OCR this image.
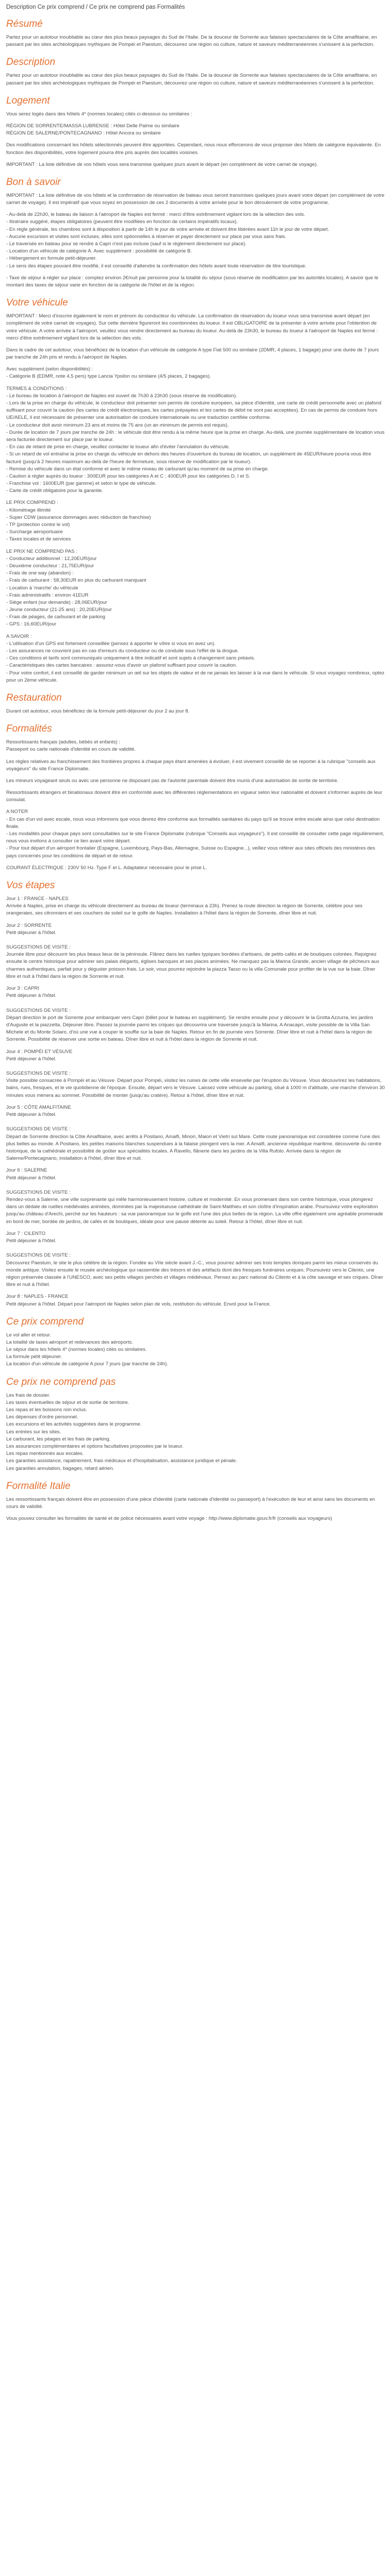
Description Ce prix comprend / Ce prix ne comprend pas Formalités
Résumé

Partez pour un autotour inoubliable au cœur des plus beaux paysages du Sud de l'Italie. De la douceur de Sorrente aux falaises spectaculaires de la Côte amalfitaine, en passant par les sites archéologiques mythiques de Pompéi et Paestum, découvrez une région où culture, nature et saveurs méditerranéennes s'unissent à la perfection.

Description

Partez pour un autotour inoubliable au cœur des plus beaux paysages du Sud de l'Italie. De la douceur de Sorrente aux falaises spectaculaires de la Côte amalfitaine, en passant par les sites archéologiques mythiques de Pompéi et Paestum, découvrez une région où culture, nature et saveurs méditerranéennes s'unissent à la perfection.

Logement

Vous serez logés dans des hôtels 4* (normes locales) cités ci-dessous ou similaires :

RÉGION DE SORRENTE/MASSA LUBRENSE : Hôtel Delle Palme ou similaire
RÉGION DE SALERNE/PONTECAGNANO : Hôtel Ancora ou similaire

Des modifications concernant les hôtels sélectionnés peuvent être apportées. Cependant, nous nous efforcerons de vous proposer des hôtels de catégorie équivalente. En fonction des disponibilités, votre logement pourra être pris auprès des localités voisines.

IMPORTANT : La liste définitive de vos hôtels vous sera transmise quelques jours avant le départ (en complément de votre carnet de voyage).

Bon à savoir

IMPORTANT : La liste définitive de vos hôtels et la confirmation de réservation de bateau vous seront transmises quelques jours avant votre départ (en complément de votre carnet de voyage). Il est impératif que vous soyez en possession de ces 2 documents à votre arrivée pour le bon déroulement de votre programme.

- Au-delà de 22h30, le bateau de liaison à l'aéroport de Naples est fermé : merci d'être extrêmement vigilant lors de la sélection des vols.
- Itinéraire suggéré, étapes obligatoires (peuvent être modifiées en fonction de certains impératifs locaux).
- En règle générale, les chambres sont à disposition à partir de 14h le jour de votre arrivée et doivent être libérées avant 11h le jour de votre départ.
- Aucune excursion et visites sont incluses, elles sont optionnelles à réserver et payer directement sur place par vous sans frais.
- Le traversée en bateau pour se rendre à Capri n'est pas incluse (sauf si le règlement directement sur place).
- Location d'un véhicule de catégorie A. Avec supplément : possibilité de catégorie B.
- Hébergement en formule petit-déjeuner.
- Le sens des étapes pouvant être modifié, il est conseillé d'attendre la confirmation des hôtels avant toute réservation de titre touristique.

- Taxe de séjour à régler sur place : comptez environ 2€/nuit par personne pour la totalité du séjour (sous réserve de modification par les autorités locales). A savoir que le montant des taxes de séjour varie en fonction de la catégorie de l'hôtel et de la région.

Votre véhicule

IMPORTANT : Merci d'inscrire également le nom et prénom du conducteur du véhicule. La confirmation de réservation du loueur vous sera transmise avant départ (en complément de votre carnet de voyages). Sur cette dernière figureront les coordonnées du loueur. Il est OBLIGATOIRE de la présenter à votre arrivée pour l'obtention de votre véhicule. A votre arrivée à l'aéroport, veuillez vous rendre directement au bureau du loueur. Au-delà de 23h30, le bureau du loueur à l'aéroport de Naples est fermé : merci d'être extrêmement vigilant lors de la sélection des vols.

Dans le cadre de cet autotour, vous bénéficiez de la location d'un véhicule de catégorie A type Fiat 500 ou similaire (2DMR, 4 places, 1 bagage) pour une durée de 7 jours par tranche de 24h pris et rendu à l'aéroport de Naples.

Avec supplément (selon disponibilités) :
- Catégorie B (EDMR, note 4,5 pers) type Lancia Ypsilon ou similaire (4/5 places, 2 bagages).

TERMES & CONDITIONS :
- Le bureau de location à l'aéroport de Naples est ouvert de 7h30 à 23h30 (sous réserve de modification).
- Lors de la prise en charge du véhicule, le conducteur doit présenter son permis de conduire européen, sa pièce d'identité, une carte de crédit personnelle avec un plafond suffisant pour couvrir la caution (les cartes de crédit électroniques, les cartes prépayées et les cartes de débit ne sont pas acceptées). En cas de permis de conduire hors UE/AELE, il est nécessaire de présenter une autorisation de conduire internationale ou une traduction certifiée conforme.
- Le conducteur doit avoir minimum 23 ans et moins de 75 ans (un an minimum de permis est requis).
- Durée de location de 7 jours par tranche de 24h : le véhicule doit être rendu à la même heure que la prise en charge. Au-delà, une journée supplémentaire de location vous sera facturée directement sur place par le loueur.
- En cas de retard de prise en charge, veuillez contacter le loueur afin d'éviter l'annulation du véhicule.
- Si un retard de vol entraîne la prise en charge du véhicule en dehors des heures d'ouverture du bureau de location, un supplément de 45EUR/heure pourra vous être facturé (jusqu'à 2 heures maximum au-delà de l'heure de fermeture, sous réserve de modification par le loueur).
- Remise du véhicule dans un état conforme et avec le même niveau de carburant qu'au moment de sa prise en charge.
- Caution à régler auprès du loueur : 300EUR pour les catégories A et C ; 400EUR pour les catégories D, I et S.
- Franchise vol : 1600EUR (par gamme) et selon le type de véhicule.
- Carte de crédit obligatoire pour la garantie.

LE PRIX COMPREND :
- Kilométrage illimité
- Super CDW (assurance dommages avec réduction de franchise)
- TP (protection contre le vol)
- Surcharge aéroportuaire
- Taxes locales et de services
LE PRIX NE COMPREND PAS :
- Conducteur additionnel : 12,20EUR/jour
- Deuxième conducteur : 21,75EUR/jour
- Frais de one way (abandon) :
- Frais de carburant : 58,30EUR en plus du carburant manquant
- Location à 'marche' du véhicule
- Frais administratifs : environ 41EUR
- Siège enfant (sur demande) : 28,06EUR/jour
- Jeune conducteur (21-25 ans) : 20,20EUR/jour
- Frais de péages, de carburant et de parking
- GPS : 16,60EUR/jour
A SAVOIR :
- L'utilisation d'un GPS est fortement conseillée (pensez à apporter le vôtre si vous en avez un).
- Les assurances ne couvrent pas en cas d'erreurs du conducteur ou de conduite sous l'effet de la drogue.
- Ces conditions et tarifs sont communiqués uniquement à titre indicatif et sont sujets à changement sans préavis.
- Caractéristiques des cartes bancaires : assurez-vous d'avoir un plafond suffisant pour couvrir la caution.
- Pour votre confort, il est conseillé de garder minimum un œil sur les objets de valeur et de ne jamais les laisser à la vue dans le véhicule. Si vous voyagez nombreux, optez pour un 2ème véhicule.
Restauration

Durant cet autotour, vous bénéficiez de la formule petit-déjeuner du jour 2 au jour 8.

Formalités

Ressortissants français (adultes, bébés et enfants) :
Passeport ou carte nationale d'identité en cours de validité.

Les règles relatives au franchissement des frontières propres à chaque pays étant amenées à évoluer, il est vivement conseillé de se reporter à la rubrique "conseils aux voyageurs" du site France Diplomatie.

Les mineurs voyageant seuls ou avec une personne ne disposant pas de l'autorité parentale doivent être munis d'une autorisation de sortie de territoire.

Ressortissants étrangers et binationaux doivent être en conformité avec les différentes réglementations en vigueur selon leur nationalité et doivent s'informer auprès de leur consulat.

A NOTER
- En cas d'un vol avec escale, nous vous informons que vous devrez être conforme aux formalités sanitaires du pays qu'il se trouve entre escale ainsi que celui destination finale.
- Les modalités pour chaque pays sont consultables sur le site France Diplomatie (rubrique "Conseils aux voyageurs"). Il est conseillé de consulter cette page régulièrement, nous vous invitons à consulter ce lien avant votre départ.
- Pour tout départ d'un aéroport frontalier (Espagne, Luxembourg, Pays-Bas, Allemagne, Suisse ou Espagne...), veillez vous référer aux sites officiels des ministères des pays concernés pour les conditions de départ et de retour.

COURANT ÉLECTRIQUE : 230V 50 Hz. Type F et L. Adaptateur nécessaire pour le prise L.

Vos étapes
Jour 1 : FRANCE - NAPLES

Arrivée à Naples, prise en charge du véhicule directement au bureau de loueur (terminaux à 23h). Prenez la route direction la région de Sorrente, célèbre pour ses orangeraies, ses citronniers et ses couchers de soleil sur le golfe de Naples. Installation à l'hôtel dans la région de Sorrente, dîner libre et nuit.

Jour 2 : SORRENTE

Petit déjeuner à l'hôtel.

SUGGESTIONS DE VISITE :
Journée libre pour découvrir les plus beaux lieux de la péninsule. Flânez dans les ruelles typiques bordées d'artisans, de petits cafés et de boutiques colorées. Rejoignez ensuite le centre historique pour admirer ses palais élégants, églises baroques et ses places animées. Ne manquez pas la Marina Grande, ancien village de pêcheurs aux charmes authentiques, parfait pour y déguster poisson frais. Le soir, vous pourrez rejoindre la piazza Tasso ou la villa Comunale pour profiter de la vue sur la baie. Dîner libre et nuit à l'hôtel dans la région de Sorrente et nuit.

Jour 3 : CAPRI

Petit déjeuner à l'hôtel.

SUGGESTIONS DE VISITE :
Départ direction le port de Sorrente pour embarquer vers Capri (billet pour le bateau en supplément). Se rendre ensuite pour y découvrir le la Grotta Azzurra, les jardins d'Auguste et la piazzetta. Déjeuner libre. Passez la journée parmi les criques qui découvrira une traversée jusqu'à la Marina. A Anacapri, visite possible de la Villa San Michele et du Monte Solaro, d'où une vue à couper le souffle sur la baie de Naples. Retour en fin de journée vers Sorrente. Dîner libre et nuit à l'hôtel dans la région de Sorrente. Possibilité de réserver une sortie en bateau. Dîner libre et nuit à l'hôtel dans la région de Sorrente et nuit.

Jour 4 : POMPÉI ET VÉSUVE

Petit déjeuner à l'hôtel.

SUGGESTIONS DE VISITE :
Visite possible consacrée à Pompéi et au Vésuve. Départ pour Pompéi, visitez les ruines de cette ville ensevelie par l'éruption du Vésuve. Vous découvrirez les habitations, bains, rues, fresques, et le vie quotidienne de l'époque. Ensuite, départ vers le Vésuve. Laissez votre véhicule au parking, situé à 1000 m d'altitude, une marche d'environ 30 minutes vous mènera au sommet. Possibilité de monter (jusqu'au cratère). Retour à l'hôtel, dîner libre et nuit.

Jour 5 : CÔTE AMALFITAINE

Petit déjeuner à l'hôtel.

SUGGESTIONS DE VISITE :
Départ de Sorrente direction la Côte Amalfitaine, avec arrêts à Positano, Amalfi, Minori, Maiori et Vietri sul Mare. Cette route panoramique est considérée comme l'une des plus belles au monde. A Positano, les petites maisons blanches suspendues à la falaise plongent vers la mer. A Amalfi, ancienne république maritime, découverte du centre historique, de la cathédrale et possibilité de goûter aux spécialités locales. A Ravello, flânerie dans les jardins de la Villa Rufolo. Arrivée dans la région de Salerne/Pontecagnano, installation à l'hôtel, dîner libre et nuit.

Jour 6 : SALERNE

Petit déjeuner à l'hôtel.

SUGGESTIONS DE VISITE :
Rendez-vous à Salerne, une ville surprenante qui mêle harmonieusement histoire, culture et modernité. En vous promenant dans son centre historique, vous plongerez dans un dédale de ruelles médiévales animées, dominées par la majestueuse cathédrale de Saint-Matthieu et son cloître d'inspiration arabe. Poursuivez votre exploration jusqu'au château d'Arechi, perché sur les hauteurs : sa vue panoramique sur le golfe est l'une des plus belles de la région. La ville offre également une agréable promenade en bord de mer, bordée de jardins, de cafés et de boutiques, idéale pour une pause détente au soleil. Retour à l'hôtel, dîner libre et nuit.

Jour 7 : CILENTO

Petit déjeuner à l'hôtel.

SUGGESTIONS DE VISITE :
Découvrez Paestum, le site le plus célèbre de la région. Fondée au VIIe siècle avant J.-C., vous pourrez admirer ses trois temples doriques parmi les mieux conservés du monde antique. Visitez ensuite le musée archéologique qui rassemble des trésors et des artéfacts dont des fresques funéraires uniques. Poursuivez vers le Cilento, une région préservée classée à l'UNESCO, avec ses petits villages perchés et villages médiévaux. Pensez au parc national du Cilento et à la côte sauvage et ses criques. Dîner libre et nuit à l'hôtel.

Jour 8 : NAPLES - FRANCE

Petit déjeuner à l'hôtel. Départ pour l'aéroport de Naples selon plan de vols, restitution du véhicule. Envol pour la France.

Ce prix comprend
Le vol aller et retour.
La totalité de taxes aéroport et redevances des aéroports.
Le séjour dans les hôtels 4* (normes locales) cités ou similaires.
La formule petit déjeuner.
La location d'un véhicule de catégorie A pour 7 jours (par tranche de 24h).
Ce prix ne comprend pas
Les frais de dossier.
Les taxes éventuelles de séjour et de sortie de territoire.
Les repas et les boissons non inclus.
Les dépenses d'ordre personnel.
Les excursions et les activités suggérées dans le programme.
Les entrées sur les sites.
Le carburant, les péages et les frais de parking.
Les assurances complémentaires et options facultatives proposées par le loueur.
Les repas mentionnés aux escales.
Les garanties assistance, rapatriement, frais médicaux et d'hospitalisation, assistance juridique et pénale.
Les garanties annulation, bagages, retard aérien.
Formalité Italie

Les ressortissants français doivent être en possession d'une pièce d'identité (carte nationale d'identité ou passeport) à l'exécution de leur et ainsi sans les documents en cours de validité.

Vous pouvez consulter les formalités de santé et de police nécessaires avant votre voyage : http://www.diplomatie.gouv.fr/fr (conseils aux voyageurs)
